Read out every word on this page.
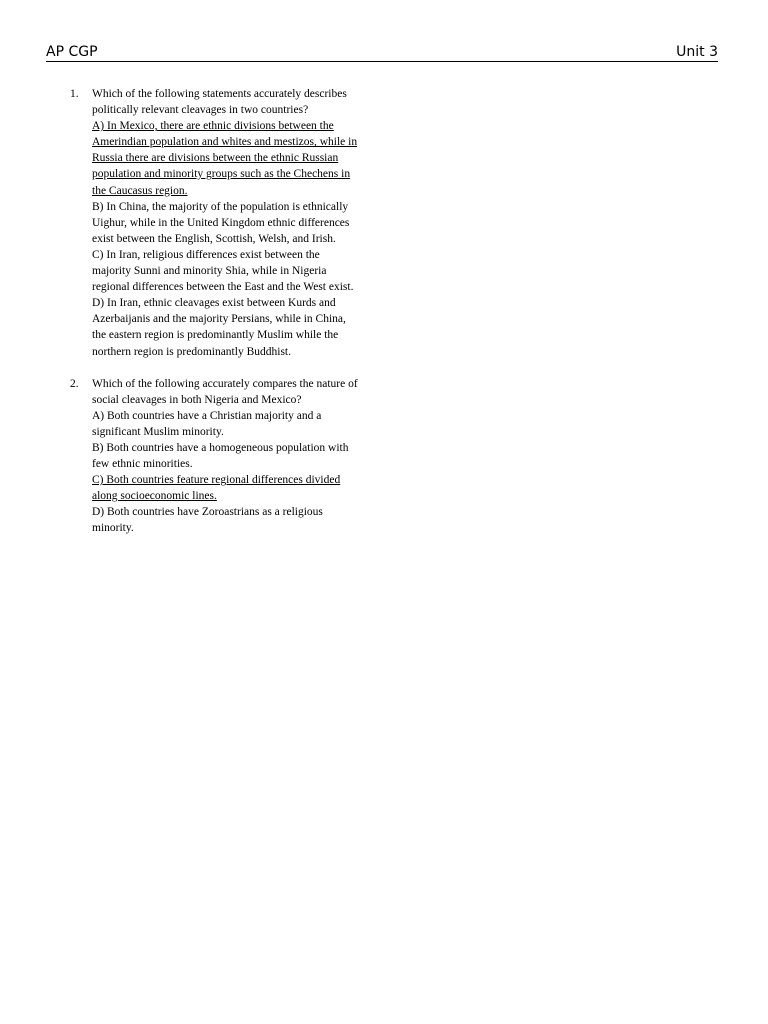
AP CGP	Unit 3
1. Which of the following statements accurately describes politically relevant cleavages in two countries?
A) In Mexico, there are ethnic divisions between the Amerindian population and whites and mestizos, while in Russia there are divisions between the ethnic Russian population and minority groups such as the Chechens in the Caucasus region.
B) In China, the majority of the population is ethnically Uighur, while in the United Kingdom ethnic differences exist between the English, Scottish, Welsh, and Irish.
C) In Iran, religious differences exist between the majority Sunni and minority Shia, while in Nigeria regional differences between the East and the West exist.
D) In Iran, ethnic cleavages exist between Kurds and Azerbaijanis and the majority Persians, while in China, the eastern region is predominantly Muslim while the northern region is predominantly Buddhist.
2. Which of the following accurately compares the nature of social cleavages in both Nigeria and Mexico?
A) Both countries have a Christian majority and a significant Muslim minority.
B) Both countries have a homogeneous population with few ethnic minorities.
C) Both countries feature regional differences divided along socioeconomic lines.
D) Both countries have Zoroastrians as a religious minority.
